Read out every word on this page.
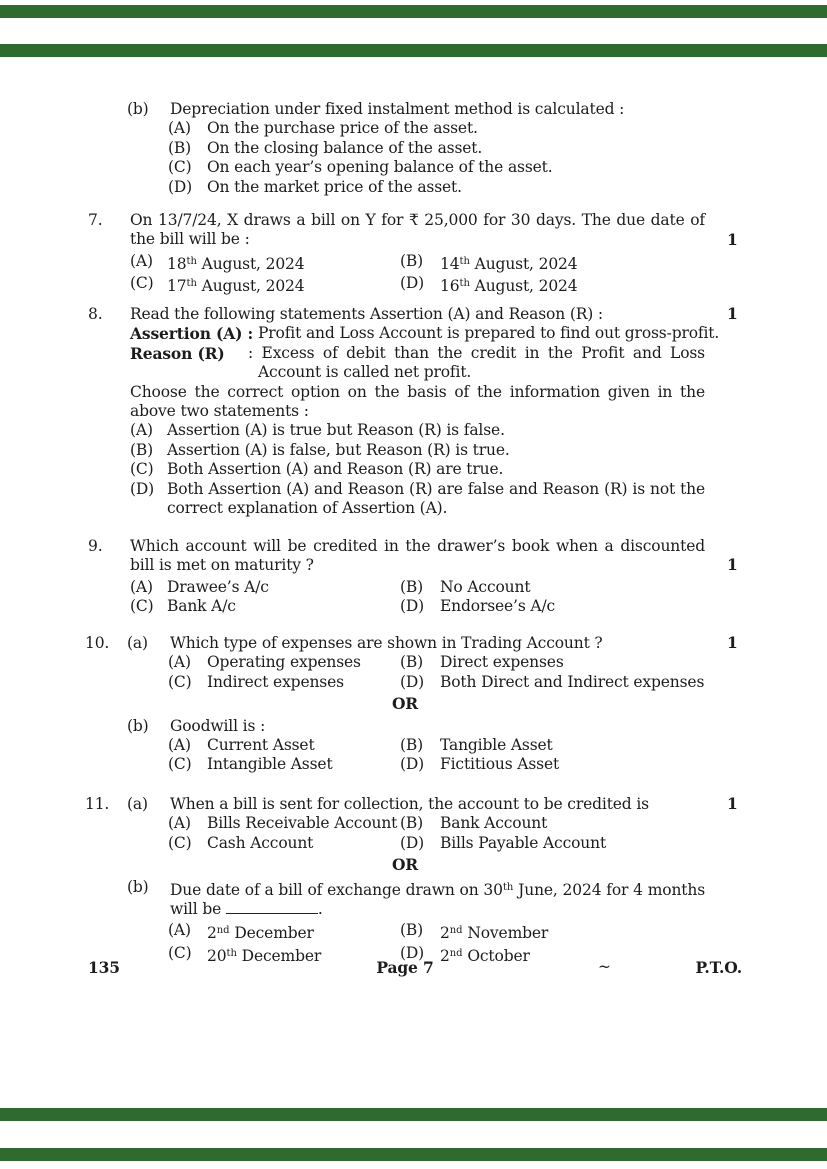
(b) Depreciation under fixed instalment method is calculated :
(A)	On the purchase price of the asset.
(B)	On the closing balance of the asset.
(C) On each year’s opening balance of the asset.
(D) On the market price of the asset.
7. On 13/7/24, X draws a bill on Y for ₹ 25,000 for 30 days. The due date of
the bill will be :
(A) 18th August, 2024	(B)	14th August, 2024
(C) 17th August, 2024	(D)	16th August, 2024
8. Read the following statements Assertion (A) and Reason (R) :
Assertion (A) : Profit and Loss Account is prepared to find out gross-profit.
Reason (R) : Excess of debit than the credit in the Profit and Loss
Account is called net profit.
Choose the correct option on the basis of the information given in the
above two statements :
(A) Assertion (A) is true but Reason (R) is false.
(B) Assertion (A) is false, but Reason (R) is true.
(C) Both Assertion (A) and Reason (R) are true.
(D) Both Assertion (A) and Reason (R) are false and Reason (R) is not the
correct explanation of Assertion (A).
9. Which account will be credited in the drawer’s book when a discounted
bill is met on maturity ?
(A) Drawee’s A/c	(B)	No Account
(C) Bank A/c	(D)	Endorsee’s A/c
10. (a) Which type of expenses are shown in Trading Account ?
(A)	Operating expenses	(B)	Direct expenses
(C) Indirect expenses	(D)	Both Direct and Indirect expenses
OR
(b) Goodwill is :
(A)	Current Asset	(B)	Tangible Asset
(C) Intangible Asset	(D)	Fictitious Asset
11. (a) When a bill is sent for collection, the account to be credited is
(A)	Bills Receivable Account (B)	Bank Account
(C) Cash Account	(D)	Bills Payable Account
OR
(b) Due date of a bill of exchange drawn on 30th June, 2024 for 4 months
will be	.
(A)	2nd December	(B)	2nd November
(C) 20th December	(D)	2nd October
1
1
1
1
1
135	Page 7	~	P.T.O.
